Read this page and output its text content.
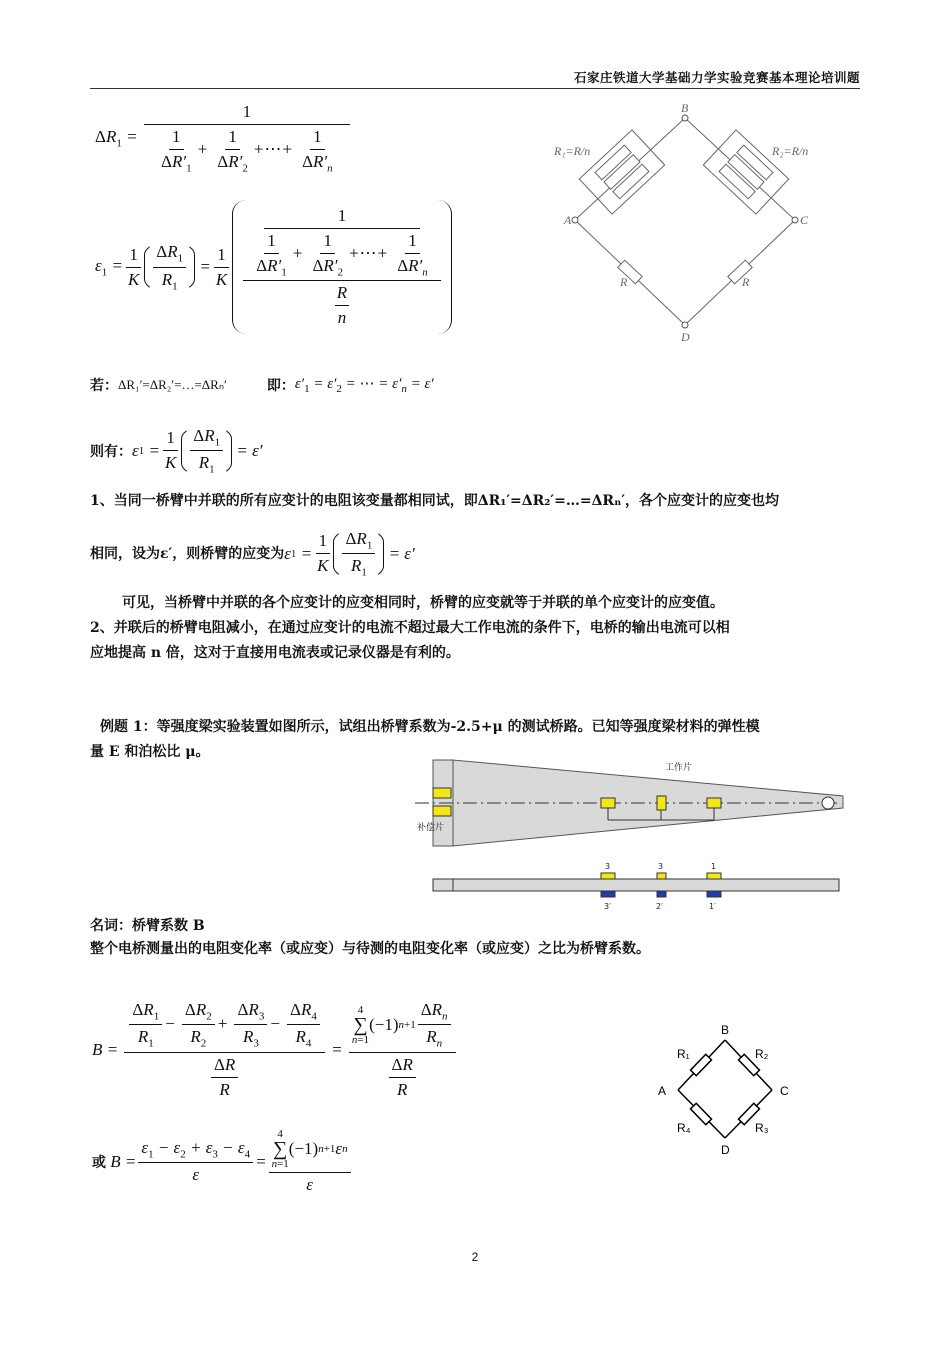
石家庄铁道大学基础力学实验竞赛基本理论培训题
$\Delta R_1 = \frac{1}{\frac{1}{\Delta R'_1} + \frac{1}{\Delta R'_2} +\cdots+ \frac{1}{\Delta R'_n}}$
$\varepsilon_1 = \frac{1}{K} \frac{\Delta R_1}{R_1} = \frac{1}{K} \frac{1}{\frac{1}{\Delta R'_1} + \frac{1}{\Delta R'_2} +\cdots+ \frac{1}{\Delta R'_n}}$
$\frac{R}{n}$
B
A	C
D
R₁=R/n	R₂=R/n
R	R
若： ΔR₁′=ΔR₂′=…=ΔRₙ′	即： $\varepsilon'_1 = \varepsilon'_2$ = ⋯ = $\varepsilon'_n = \varepsilon'$
则有： ε $1 = \frac{1}{K} \frac{\Delta R_1}{R_1} = \varepsilon'$
1、当同一桥臂中并联的所有应变计的电阻该变量都相同试，即ΔR₁′=ΔR₂′=…=ΔRₙ′，各个应变计的应变也均
相同，设为ε′，则桥臂的应变为 ε $1 = \frac{1}{K} \frac{\Delta R_1}{R_1} = \varepsilon'$
可见，当桥臂中并联的各个应变计的应变相同时，桥臂的应变就等于并联的单个应变计的应变值。
2、并联后的桥臂电阻减小，在通过应变计的电流不超过最大工作电流的条件下，电桥的输出电流可以相
应地提高 n 倍，这对于直接用电流表或记录仪器是有利的。
例题 1：等强度梁实验装置如图所示，试组出桥臂系数为-2.5+μ 的测试桥路。已知等强度梁材料的弹性模
量 E 和泊松比 μ。
工作片
补偿片
3	3	1
3′	2′	1′
名词：桥臂系数 B
整个电桥测量出的电阻变化率（或应变）与待测的电阻变化率（或应变）之比为桥臂系数。
$B = \frac{\frac{\Delta R_1}{R_1} - \frac{\Delta R_2}{R_2} + \frac{\Delta R_3}{R_3} - \frac{\Delta R_4}{R_4}}{\frac{\Delta R}{R}} = 4$
∑
n=1
(−1) $n+1 \frac{\Delta R_n}{R_n}$
$\frac{\Delta R}{R}$
或 $B = \frac{\varepsilon_1 - \varepsilon_2 + \varepsilon_3 - \varepsilon_4}{\varepsilon} = 4$
∑
n=1
(−1) n+1 ε n
ε
B
A	C
D
R₁	R₂
R₃
R₄
2
